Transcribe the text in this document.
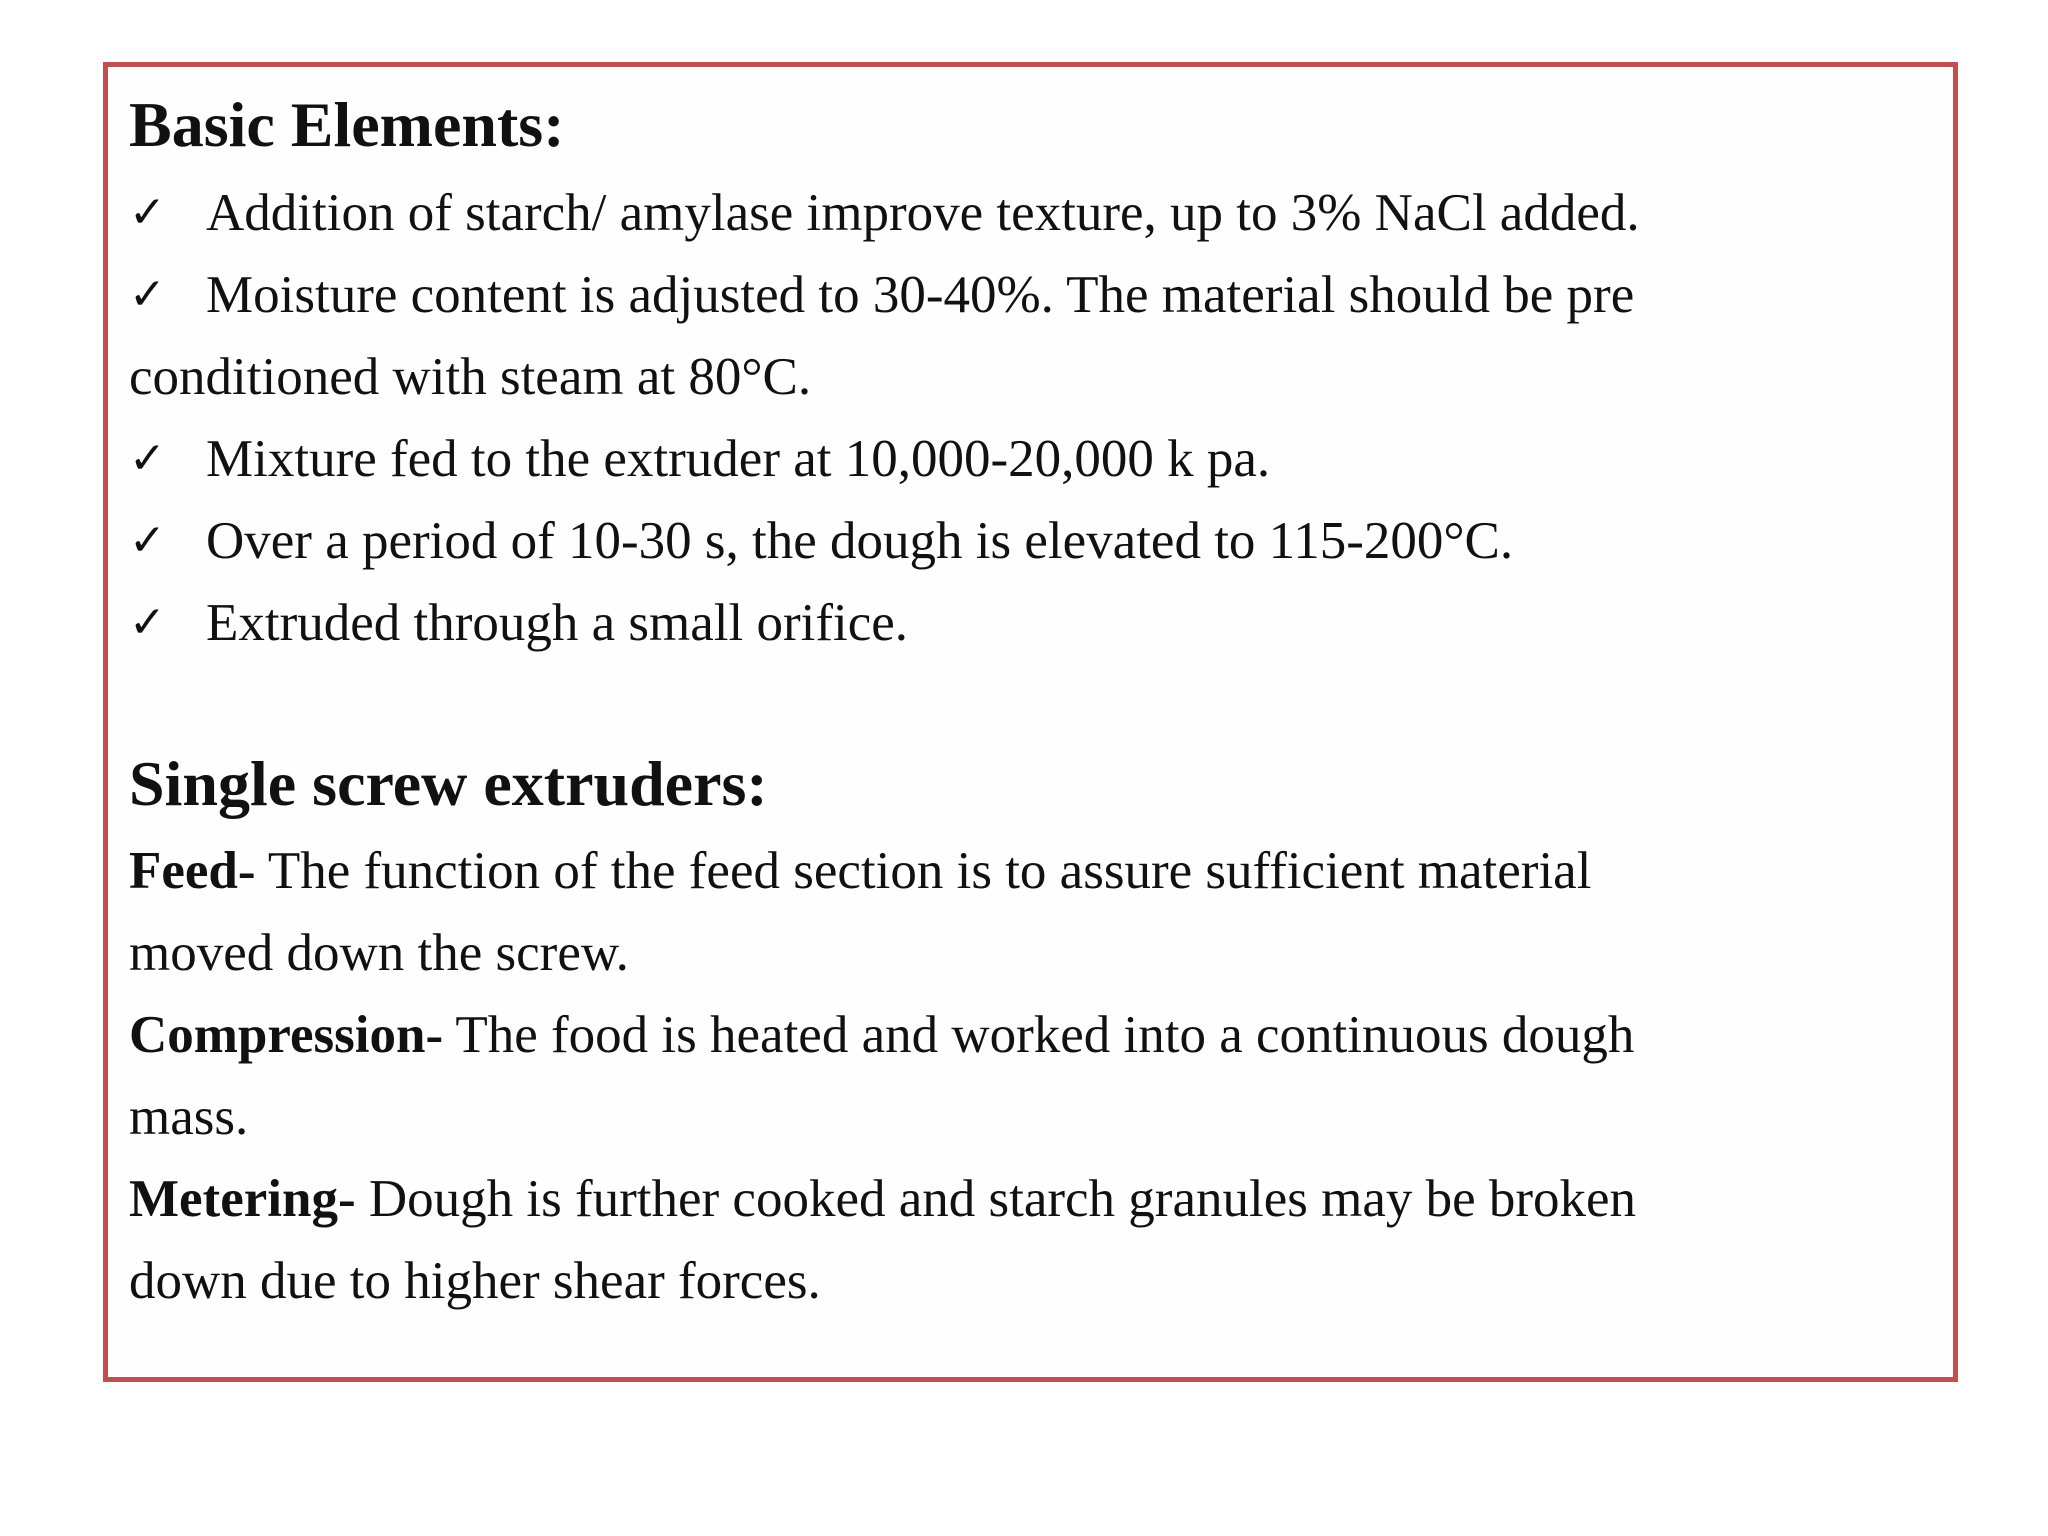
Basic Elements:
✓ Addition of starch/ amylase improve texture, up to 3% NaCl added.
✓ Moisture content is adjusted to 30-40%. The material should be pre
conditioned with steam at 80°C.
✓ Mixture fed to the extruder at 10,000-20,000 k pa.
✓ Over a period of 10-30 s, the dough is elevated to 115-200°C.
✓ Extruded through a small orifice.
Single screw extruders:
Feed- The function of the feed section is to assure sufficient material
moved down the screw.
Compression- The food is heated and worked into a continuous dough
mass.
Metering- Dough is further cooked and starch granules may be broken
down due to higher shear forces.
